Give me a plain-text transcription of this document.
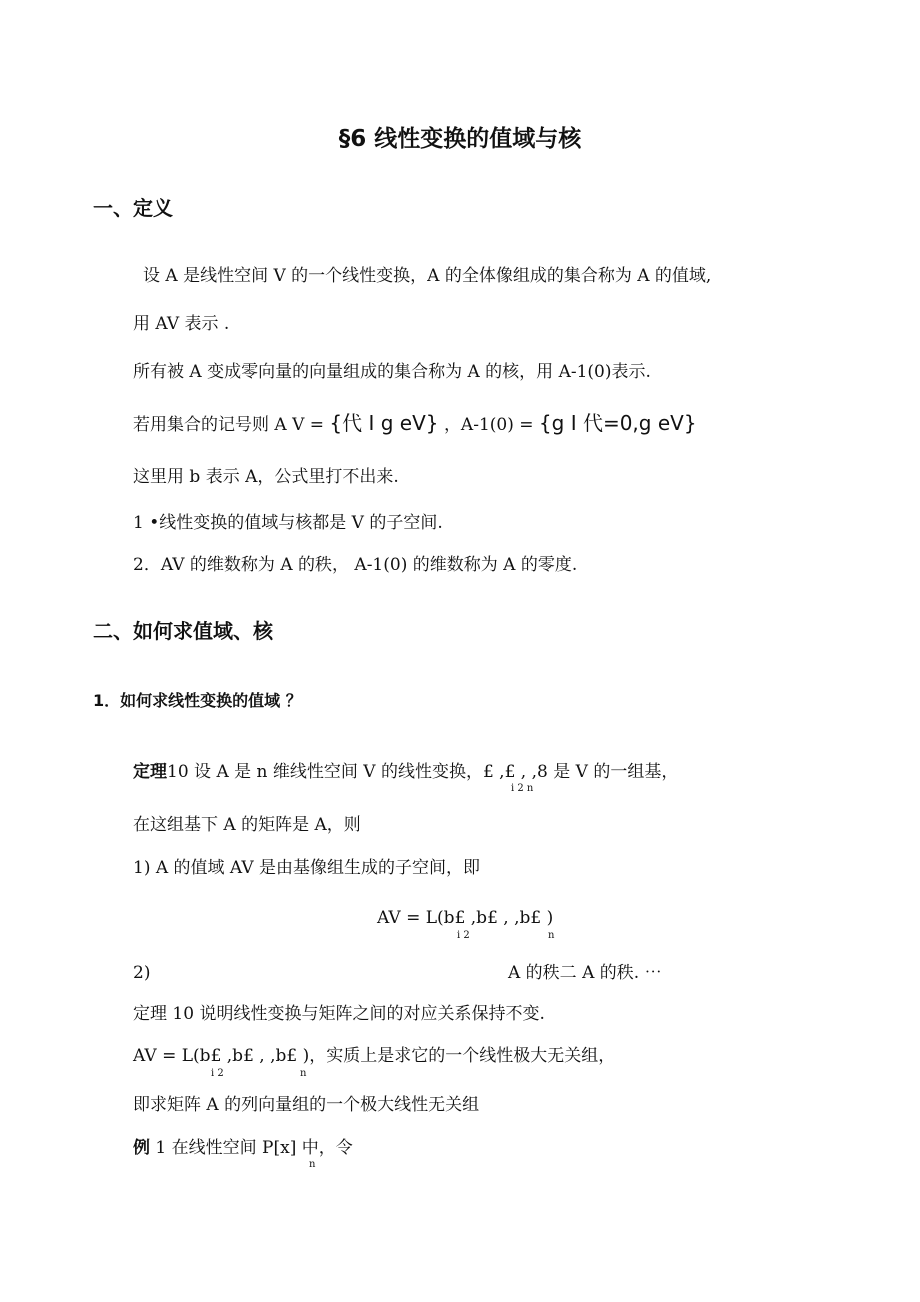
§6 线性变换的值域与核
一、定义
设 A 是线性空间 V 的一个线性变换，A 的全体像组成的集合称为 A 的值域,
用 AV 表示 .
所有被 A 变成零向量的向量组成的集合称为 A 的核，用 A-1(0)表示.
若用集合的记号则 A V = {代 I g eV} ，A-1(0) = {g I 代=0,g eV}
这里用 b 表示 A，公式里打不出来.
1 •线性变换的值域与核都是 V 的子空间.
2．AV 的维数称为 A 的秩， A-1(0) 的维数称为 A 的零度.
二、如何求值域、核
1．如何求线性变换的值域 ？
定理10 设 A 是 n 维线性空间 V 的线性变换，£ ,£ , ,8 是 V 的一组基，
i 2 n
在这组基下 A 的矩阵是 A，则
1) A 的值域 AV 是由基像组生成的子空间，即
AV = L(b£ ,b£ , ,b£ )
i 2	n
2)	A 的秩二 A 的秩. ⋯
定理 10 说明线性变换与矩阵之间的对应关系保持不变.
AV = L(b£ ,b£ , ,b£ )，实质上是求它的一个线性极大无关组，
i 2	n
即求矩阵 A 的列向量组的一个极大线性无关组
例 1 在线性空间 P[x] 中，令
n
